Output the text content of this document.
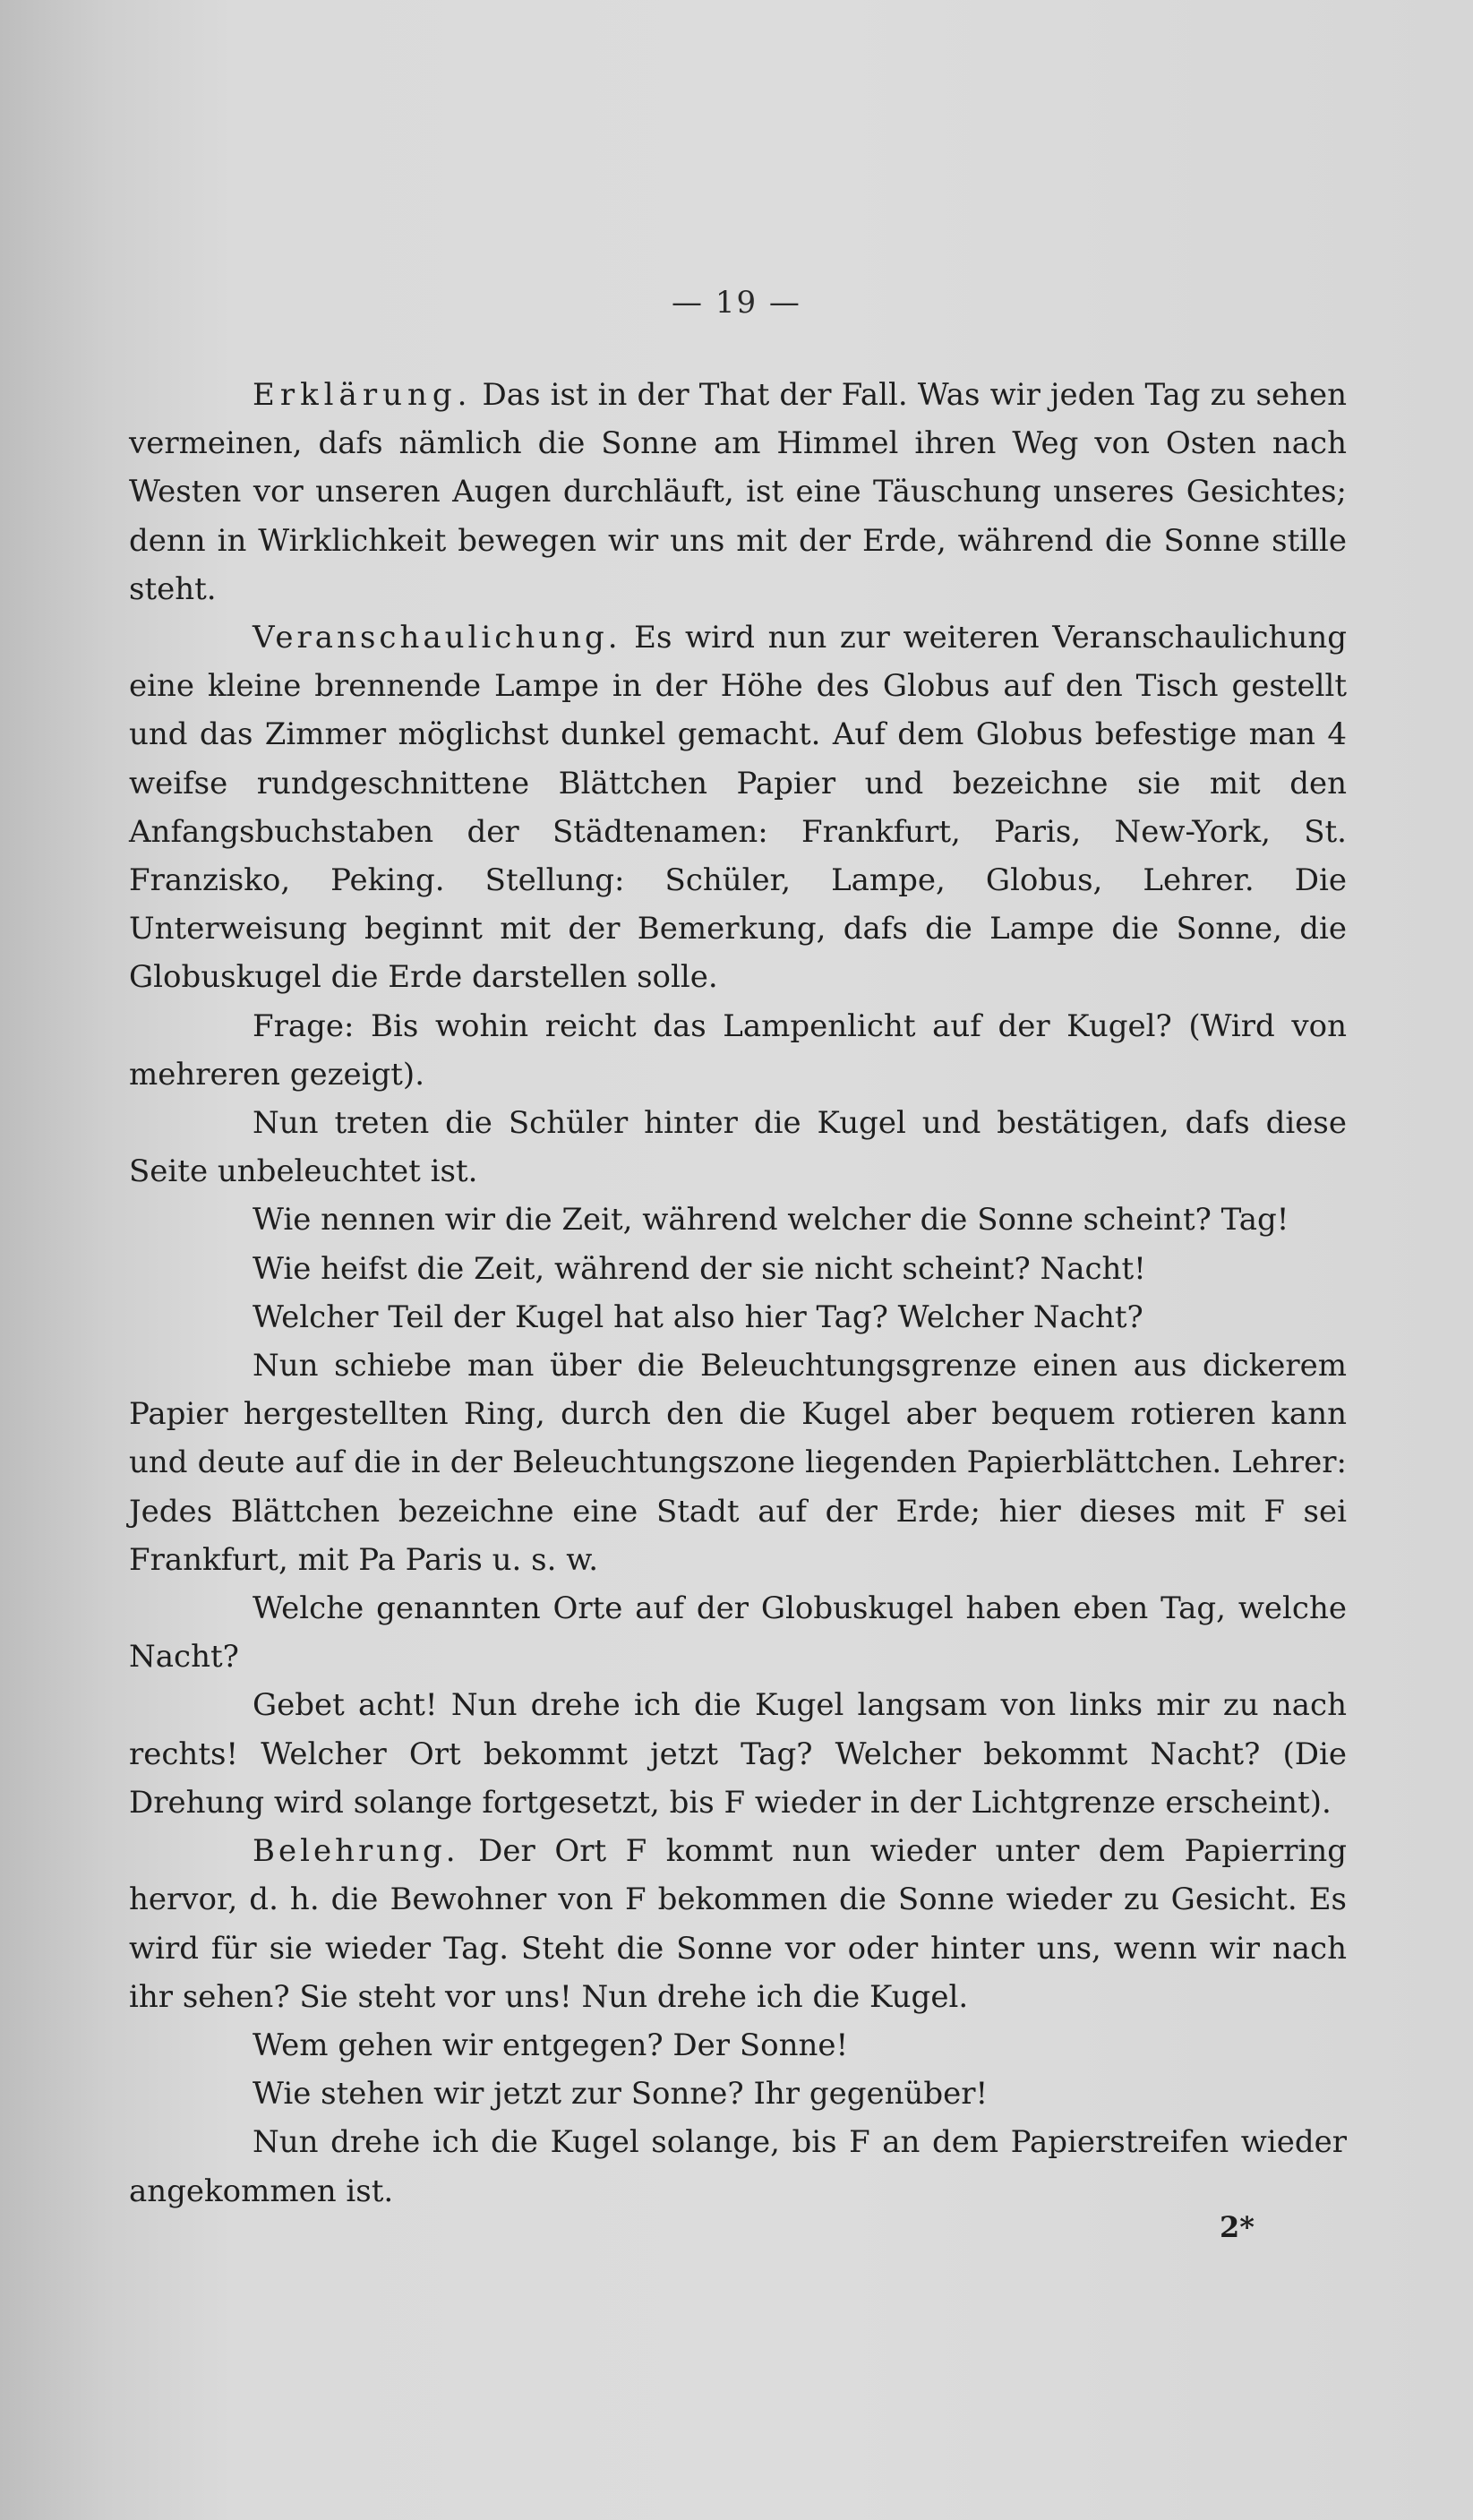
— 19 —

Erklärung. Das ist in der That der Fall. Was wir jeden Tag zu sehen vermeinen, dafs nämlich die Sonne am Himmel ihren Weg von Osten nach Westen vor unseren Augen durchläuft, ist eine Täuschung unseres Gesichtes; denn in Wirklichkeit bewegen wir uns mit der Erde, während die Sonne stille steht.

Veranschaulichung. Es wird nun zur weiteren Veranschaulichung eine kleine brennende Lampe in der Höhe des Globus auf den Tisch gestellt und das Zimmer möglichst dunkel gemacht. Auf dem Globus befestige man 4 weifse rundgeschnittene Blättchen Papier und bezeichne sie mit den Anfangsbuchstaben der Städtenamen: Frankfurt, Paris, New-York, St. Franzisko, Peking. Stellung: Schüler, Lampe, Globus, Lehrer. Die Unterweisung beginnt mit der Bemerkung, dafs die Lampe die Sonne, die Globuskugel die Erde darstellen solle.

Frage: Bis wohin reicht das Lampenlicht auf der Kugel? (Wird von mehreren gezeigt).

Nun treten die Schüler hinter die Kugel und bestätigen, dafs diese Seite unbeleuchtet ist.

Wie nennen wir die Zeit, während welcher die Sonne scheint? Tag!

Wie heifst die Zeit, während der sie nicht scheint? Nacht!

Welcher Teil der Kugel hat also hier Tag? Welcher Nacht?

Nun schiebe man über die Beleuchtungsgrenze einen aus dickerem Papier hergestellten Ring, durch den die Kugel aber bequem rotieren kann und deute auf die in der Beleuchtungszone liegenden Papierblättchen. Lehrer: Jedes Blättchen bezeichne eine Stadt auf der Erde; hier dieses mit F sei Frankfurt, mit Pa Paris u. s. w.

Welche genannten Orte auf der Globuskugel haben eben Tag, welche Nacht?

Gebet acht! Nun drehe ich die Kugel langsam von links mir zu nach rechts! Welcher Ort bekommt jetzt Tag? Welcher bekommt Nacht? (Die Drehung wird solange fortgesetzt, bis F wieder in der Lichtgrenze erscheint).

Belehrung. Der Ort F kommt nun wieder unter dem Papierring hervor, d. h. die Bewohner von F bekommen die Sonne wieder zu Gesicht. Es wird für sie wieder Tag. Steht die Sonne vor oder hinter uns, wenn wir nach ihr sehen? Sie steht vor uns! Nun drehe ich die Kugel.

Wem gehen wir entgegen? Der Sonne!

Wie stehen wir jetzt zur Sonne? Ihr gegenüber!

Nun drehe ich die Kugel solange, bis F an dem Papierstreifen wieder angekommen ist.

2*
